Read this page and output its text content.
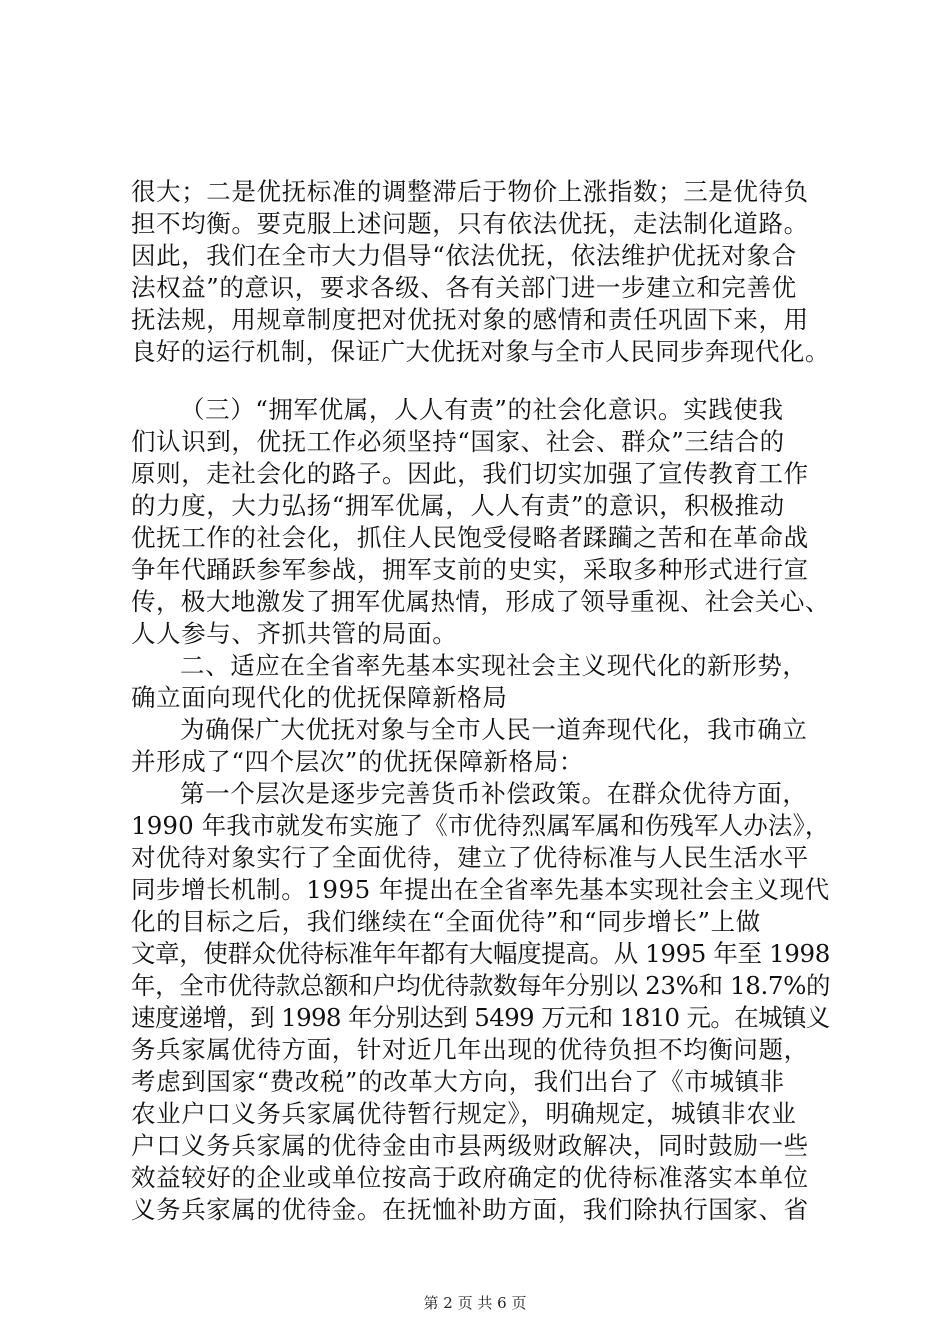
很大；二是优抚标准的调整滞后于物价上涨指数；三是优待负
担不均衡。要克服上述问题，只有依法优抚，走法制化道路。
因此，我们在全市大力倡导“依法优抚，依法维护优抚对象合
法权益”的意识，要求各级、各有关部门进一步建立和完善优
抚法规，用规章制度把对优抚对象的感情和责任巩固下来，用
良好的运行机制，保证广大优抚对象与全市人民同步奔现代化。
（三）“拥军优属，人人有责”的社会化意识。实践使我
们认识到，优抚工作必须坚持“国家、社会、群众”三结合的
原则，走社会化的路子。因此，我们切实加强了宣传教育工作
的力度，大力弘扬“拥军优属，人人有责”的意识，积极推动
优抚工作的社会化，抓住人民饱受侵略者蹂躏之苦和在革命战
争年代踊跃参军参战，拥军支前的史实，采取多种形式进行宣
传，极大地激发了拥军优属热情，形成了领导重视、社会关心、
人人参与、齐抓共管的局面。
二、适应在全省率先基本实现社会主义现代化的新形势，
确立面向现代化的优抚保障新格局
为确保广大优抚对象与全市人民一道奔现代化，我市确立
并形成了“四个层次”的优抚保障新格局：
第一个层次是逐步完善货币补偿政策。在群众优待方面，
1990 年我市就发布实施了《市优待烈属军属和伤残军人办法》，
对优待对象实行了全面优待，建立了优待标准与人民生活水平
同步增长机制。1995 年提出在全省率先基本实现社会主义现代
化的目标之后，我们继续在“全面优待”和“同步增长”上做
文章，使群众优待标准年年都有大幅度提高。从 1995 年至 1998
年，全市优待款总额和户均优待款数每年分别以 23%和 18.7%的
速度递增，到 1998 年分别达到 5499 万元和 1810 元。在城镇义
务兵家属优待方面，针对近几年出现的优待负担不均衡问题，
考虑到国家“费改税”的改革大方向，我们出台了《市城镇非
农业户口义务兵家属优待暂行规定》，明确规定，城镇非农业
户口义务兵家属的优待金由市县两级财政解决，同时鼓励一些
效益较好的企业或单位按高于政府确定的优待标准落实本单位
义务兵家属的优待金。在抚恤补助方面，我们除执行国家、省
第 2 页 共 6 页
